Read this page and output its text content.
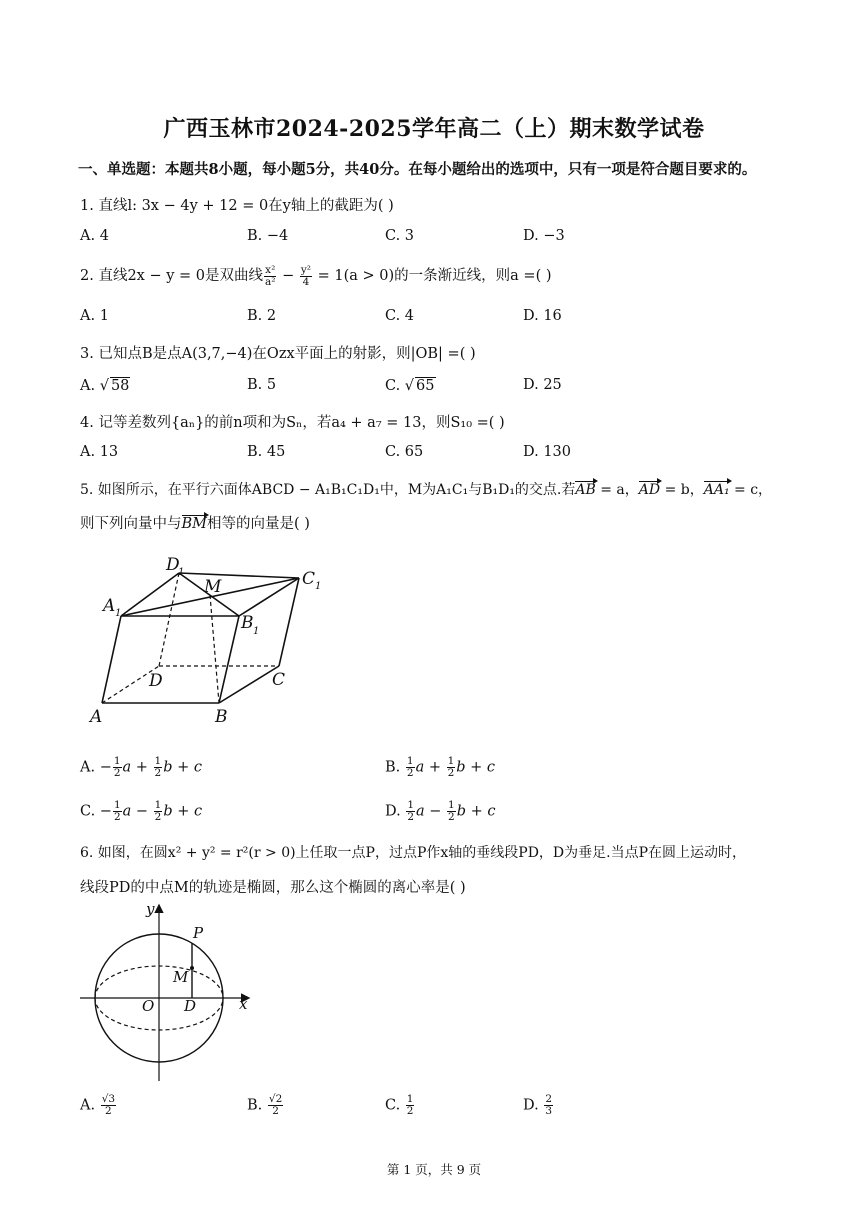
广西玉林市2024-2025学年高二（上）期末数学试卷
一、单选题：本题共8小题，每小题5分，共40分。在每小题给出的选项中，只有一项是符合题目要求的。
1. 直线l: 3x − 4y + 12 = 0在y轴上的截距为( )
A. 4	B. −4	C. 3	D. −3
2. 直线2x − y = 0是双曲线 $\frac{\text{x²}}{\text{a²}} - \frac{\text{y²}}{4} = 1(a > 0)$的一条渐近线，则a =( )
A. 1	B. 2	C. 4	D. 16
3. 已知点B是点A(3,7,−4)在Ozx平面上的射影，则|OB| =( )
A. √ 58	B. 5	C. √ 65	D. 25
4. 记等差数列{aₙ}的前n项和为Sₙ，若a₄ + a₇ = 13，则S₁₀ =( )
A. 13	B. 45	C. 65	D. 130
5. 如图所示，在平行六面体ABCD − A₁B₁C₁D₁中，M为A₁C₁与B₁D₁的交点.若AB = a，AD = b，AA₁ = c，
则下列向量中与BM相等的向量是( )
D
1
M	C 1
A 1	B 1
D	C
A	B
A. − $\frac{1}{2}$ $a + \frac{1}{2}$ b + c	B. $\frac{1}{2}$ $a + \frac{1}{2}$ b + c
C. − $\frac{1}{2}$ $a - \frac{1}{2}$ b + c	D. $\frac{1}{2}$ $a - \frac{1}{2}$ b + c
6. 如图，在圆x² + y² = r²(r > 0)上任取一点P，过点P作x轴的垂线段PD，D为垂足.当点P在圆上运动时，
线段PD的中点M的轨迹是椭圆，那么这个椭圆的离心率是( )
y
x
O D
P
M
A. $\frac{√3}{2}$	B. $\frac{√2}{2}$	C. $\frac{1}{2}$	D. $\frac{2}{3}$
第 1 页，共 9 页
